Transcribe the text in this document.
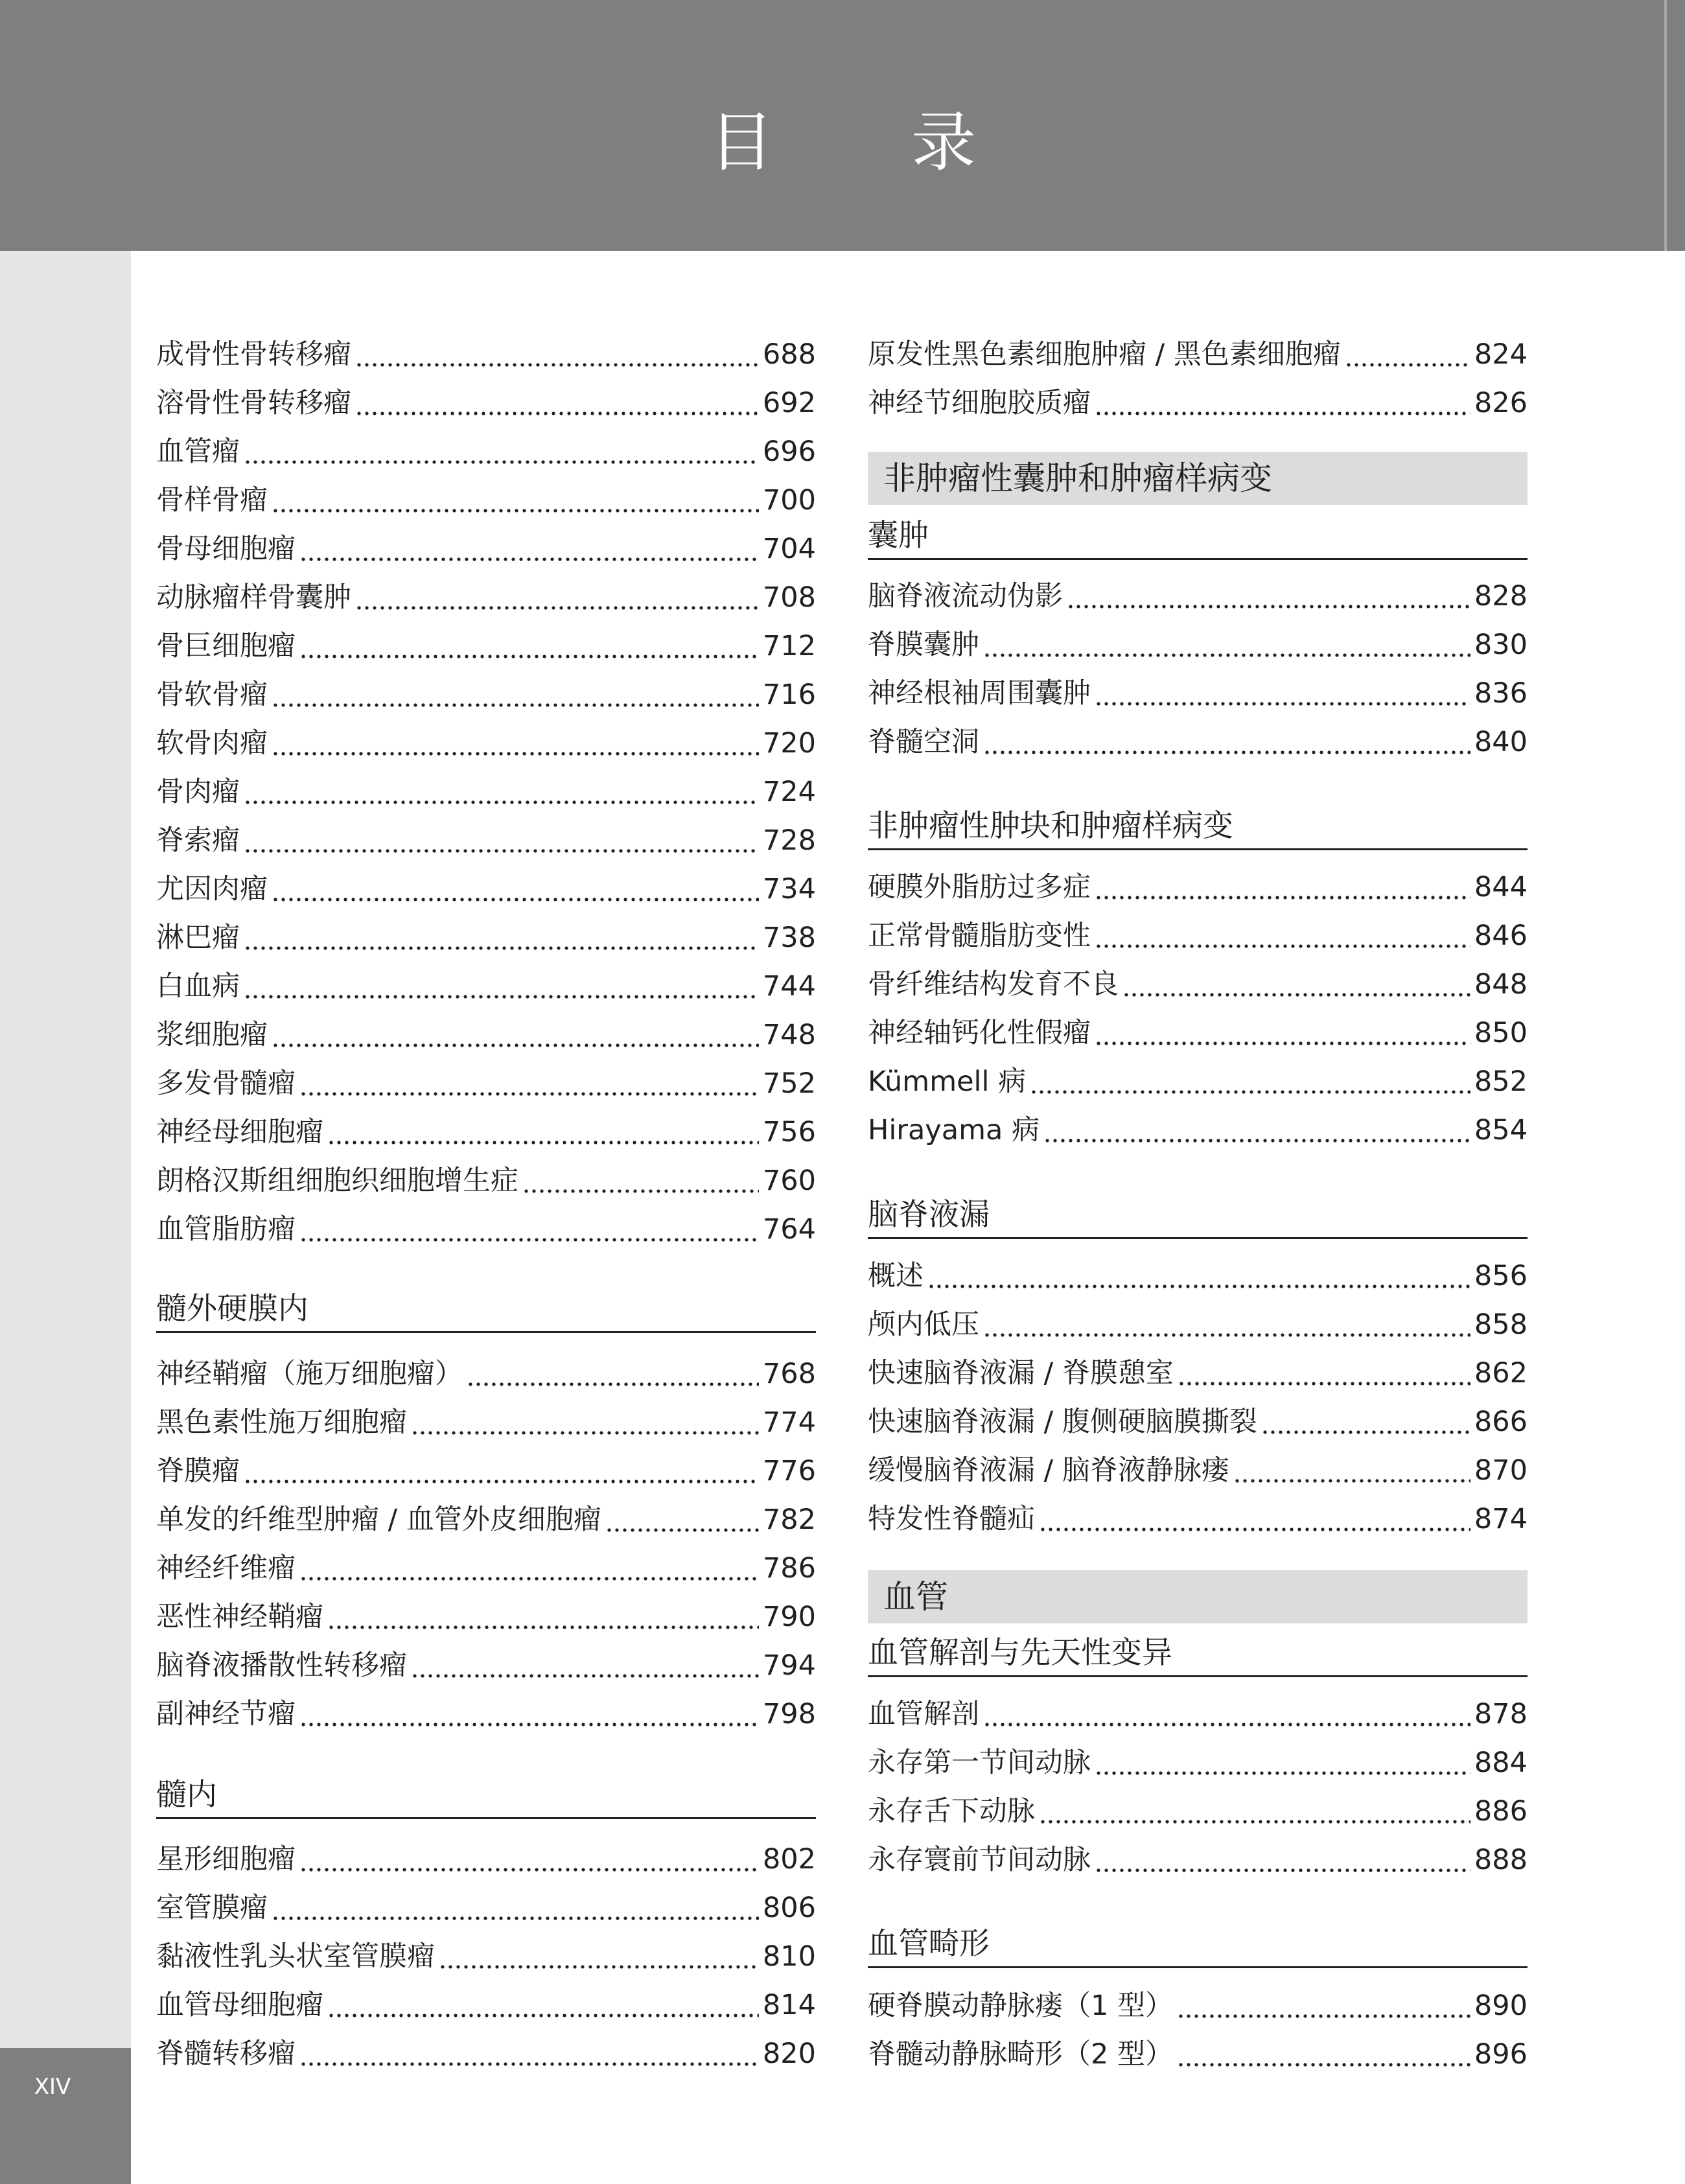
目 录
XIV
成骨性骨转移瘤	688
溶骨性骨转移瘤	692
血管瘤	696
骨样骨瘤	700
骨母细胞瘤	704
动脉瘤样骨囊肿	708
骨巨细胞瘤	712
骨软骨瘤	716
软骨肉瘤	720
骨肉瘤	724
脊索瘤	728
尤因肉瘤	734
淋巴瘤	738
白血病	744
浆细胞瘤	748
多发骨髓瘤	752
神经母细胞瘤	756
朗格汉斯组细胞织细胞增生症	760
血管脂肪瘤	764
髓外硬膜内
神经鞘瘤（施万细胞瘤）	768
黑色素性施万细胞瘤	774
脊膜瘤	776
单发的纤维型肿瘤 / 血管外皮细胞瘤	782
神经纤维瘤	786
恶性神经鞘瘤	790
脑脊液播散性转移瘤	794
副神经节瘤	798
髓内
星形细胞瘤	802
室管膜瘤	806
黏液性乳头状室管膜瘤	810
血管母细胞瘤	814
脊髓转移瘤	820
原发性黑色素细胞肿瘤 / 黑色素细胞瘤	824
神经节细胞胶质瘤	826
非肿瘤性囊肿和肿瘤样病变
囊肿
脑脊液流动伪影	828
脊膜囊肿	830
神经根袖周围囊肿	836
脊髓空洞	840
非肿瘤性肿块和肿瘤样病变
硬膜外脂肪过多症	844
正常骨髓脂肪变性	846
骨纤维结构发育不良	848
神经轴钙化性假瘤	850
Kümmell 病	852
Hirayama 病	854
脑脊液漏
概述	856
颅内低压	858
快速脑脊液漏 / 脊膜憩室	862
快速脑脊液漏 / 腹侧硬脑膜撕裂	866
缓慢脑脊液漏 / 脑脊液静脉瘘	870
特发性脊髓疝	874
血管
血管解剖与先天性变异
血管解剖	878
永存第一节间动脉	884
永存舌下动脉	886
永存寰前节间动脉	888
血管畸形
硬脊膜动静脉瘘（1 型）	890
脊髓动静脉畸形（2 型）	896
